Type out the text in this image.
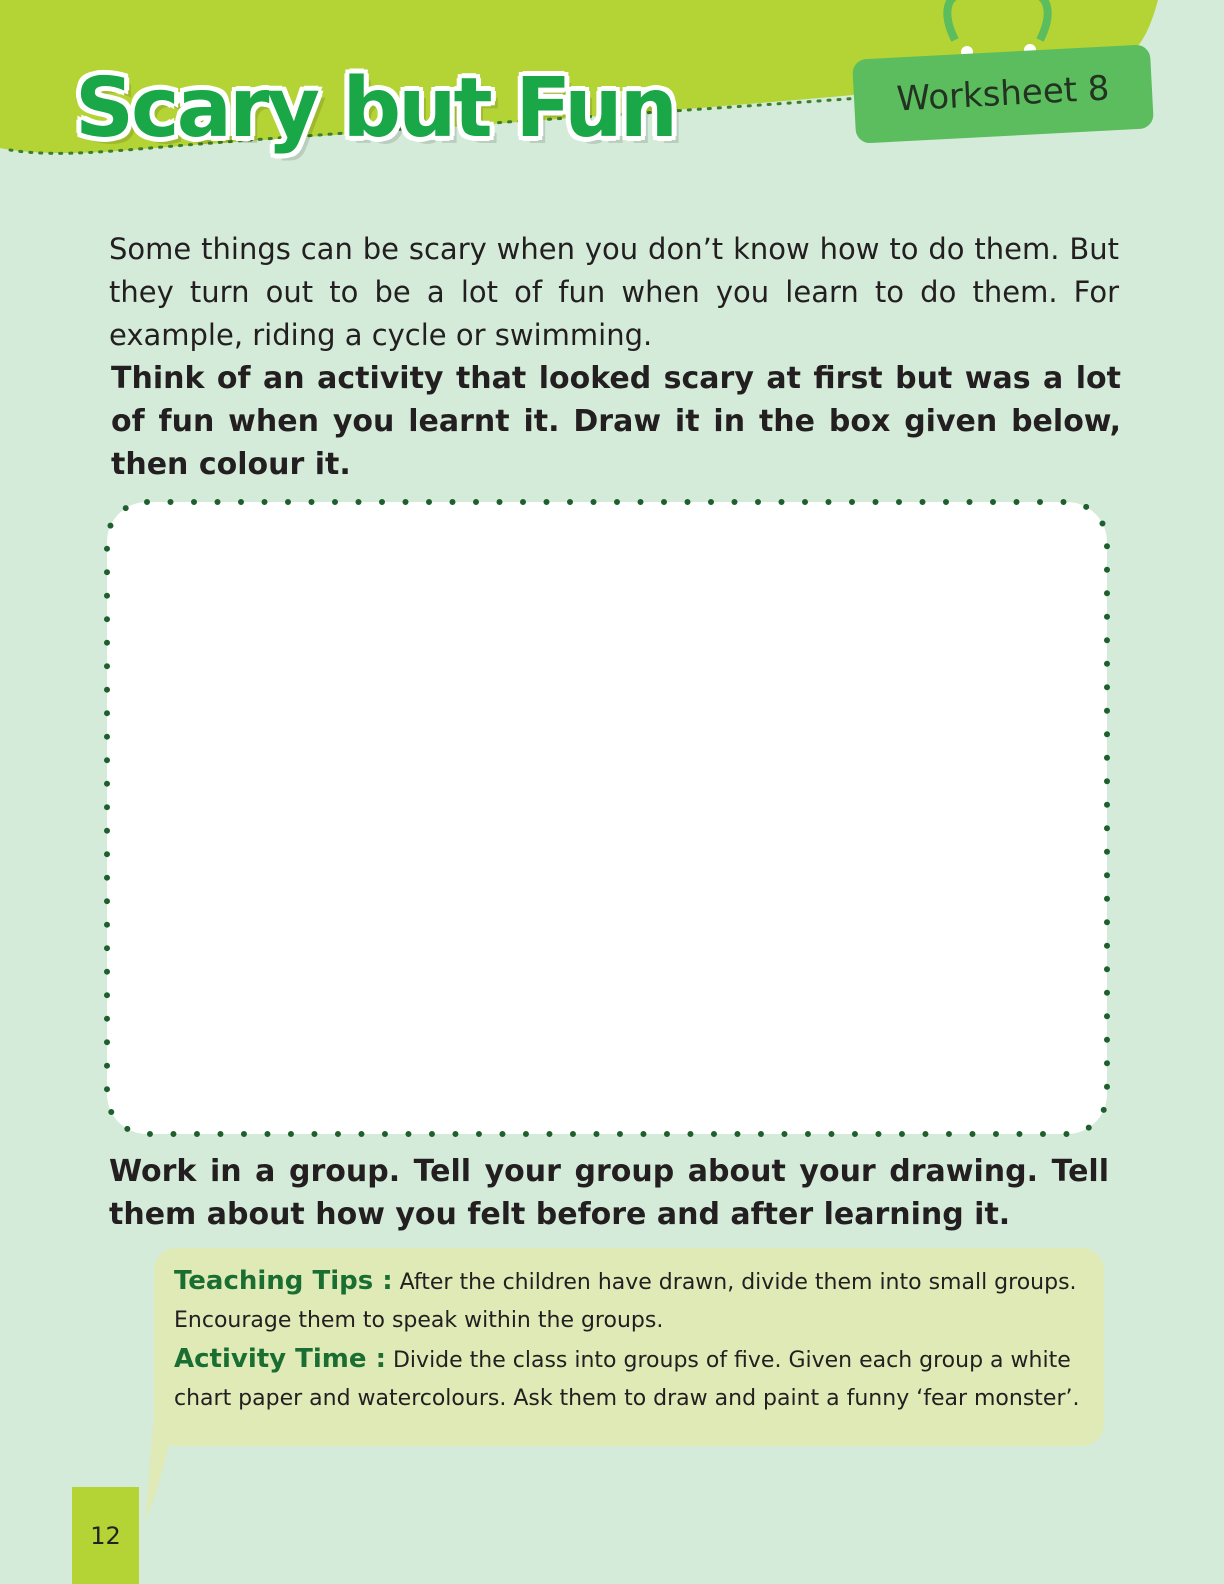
Scary but Fun	Worksheet 8
Some things can be scary when you don’t know how to do them. But they turn out to be a lot of fun when you learn to do them. For example, riding a cycle or swimming.
Think of an activity that looked scary at first but was a lot of fun when you learnt it. Draw it in the box given below, then colour it.
Work in a group. Tell your group about your drawing. Tell them about how you felt before and after learning it.
Teaching Tips : After the children have drawn, divide them into small groups. Encourage them to speak within the groups.
Activity Time : Divide the class into groups of five. Given each group a white chart paper and watercolours. Ask them to draw and paint a funny ‘fear monster’.
12
